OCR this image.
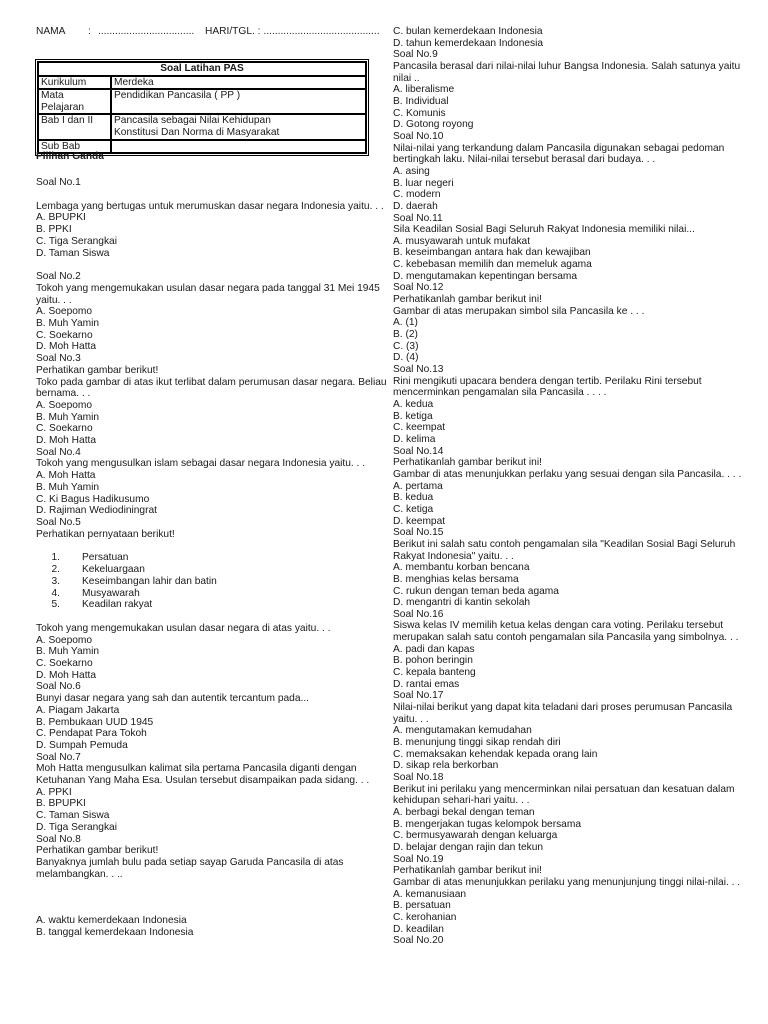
NAMA : .................................. HARI/TGL. : .........................................
Soal Latihan PAS	
Kurikulum	Merdeka

Mata Pelajaran	Pendidikan Pancasila ( PP )

Bab I dan II	Pancasila sebagai Nilai Kehidupan
Konstitusi Dan Norma di Masyarakat

Sub Bab	

Pilihan Ganda
Soal No.1
Lembaga yang bertugas untuk merumuskan dasar negara Indonesia yaitu. . .
A. BPUPKI
B. PPKI
C. Tiga Serangkai
D. Taman Siswa
Soal No.2
Tokoh yang mengemukakan usulan dasar negara pada tanggal 31 Mei 1945
yaitu. . .
A. Soepomo
B. Muh Yamin
C. Soekarno
D. Moh Hatta
Soal No.3
Perhatikan gambar berikut!
Toko pada gambar di atas ikut terlibat dalam perumusan dasar negara. Beliau
bernama. . .
A. Soepomo
B. Muh Yamin
C. Soekarno
D. Moh Hatta
Soal No.4
Tokoh yang mengusulkan islam sebagai dasar negara Indonesia yaitu. . .
A. Moh Hatta
B. Muh Yamin
C. Ki Bagus Hadikusumo
D. Rajiman Wediodiningrat
Soal No.5
Perhatikan pernyataan berikut!
1. Persatuan
2. Kekeluargaan
3. Keseimbangan lahir dan batin
4. Musyawarah
5. Keadilan rakyat
Tokoh yang mengemukakan usulan dasar negara di atas yaitu. . .
A. Soepomo
B. Muh Yamin
C. Soekarno
D. Moh Hatta
Soal No.6
Bunyi dasar negara yang sah dan autentik tercantum pada...
A. Piagam Jakarta
B. Pembukaan UUD 1945
C. Pendapat Para Tokoh
D. Sumpah Pemuda
Soal No.7
Moh Hatta mengusulkan kalimat sila pertama Pancasila diganti dengan
Ketuhanan Yang Maha Esa. Usulan tersebut disampaikan pada sidang. . .
A. PPKI
B. BPUPKI
C. Taman Siswa
D. Tiga Serangkai
Soal No.8
Perhatikan gambar berikut!
Banyaknya jumlah bulu pada setiap sayap Garuda Pancasila di atas
melambangkan. . ..
A. waktu kemerdekaan Indonesia
B. tanggal kemerdekaan Indonesia
C. bulan kemerdekaan Indonesia
D. tahun kemerdekaan Indonesia
Soal No.9
Pancasila berasal dari nilai-nilai luhur Bangsa Indonesia. Salah satunya yaitu
nilai ..
A. liberalisme
B. Individual
C. Komunis
D. Gotong royong
Soal No.10
Nilai-nilai yang terkandung dalam Pancasila digunakan sebagai pedoman
bertingkah laku. Nilai-nilai tersebut berasal dari budaya. . .
A. asing
B. luar negeri
C. modern
D. daerah
Soal No.11
Sila Keadilan Sosial Bagi Seluruh Rakyat Indonesia memiliki nilai...
A. musyawarah untuk mufakat
B. keseimbangan antara hak dan kewajiban
C. kebebasan memilih dan memeluk agama
D. mengutamakan kepentingan bersama
Soal No.12
Perhatikanlah gambar berikut ini!
Gambar di atas merupakan simbol sila Pancasila ke . . .
A. (1)
B. (2)
C. (3)
D. (4)
Soal No.13
Rini mengikuti upacara bendera dengan tertib. Perilaku Rini tersebut
mencerminkan pengamalan sila Pancasila . . . .
A. kedua
B. ketiga
C. keempat
D. kelima
Soal No.14
Perhatikanlah gambar berikut ini!
Gambar di atas menunjukkan perlaku yang sesuai dengan sila Pancasila. . . .
A. pertama
B. kedua
C. ketiga
D. keempat
Soal No.15
Berikut ini salah satu contoh pengamalan sila "Keadilan Sosial Bagi Seluruh
Rakyat Indonesia" yaitu. . .
A. membantu korban bencana
B. menghias kelas bersama
C. rukun dengan teman beda agama
D. mengantri di kantin sekolah
Soal No.16
Siswa kelas IV memilih ketua kelas dengan cara voting. Perilaku tersebut
merupakan salah satu contoh pengamalan sila Pancasila yang simbolnya. . .
A. padi dan kapas
B. pohon beringin
C. kepala banteng
D. rantai emas
Soal No.17
Nilai-nilai berikut yang dapat kita teladani dari proses perumusan Pancasila
yaitu. . .
A. mengutamakan kemudahan
B. menunjung tinggi sikap rendah diri
C. memaksakan kehendak kepada orang lain
D. sikap rela berkorban
Soal No.18
Berikut ini perilaku yang mencerminkan nilai persatuan dan kesatuan dalam
kehidupan sehari-hari yaitu. . .
A. berbagi bekal dengan teman
B. mengerjakan tugas kelompok bersama
C. bermusyawarah dengan keluarga
D. belajar dengan rajin dan tekun
Soal No.19
Perhatikanlah gambar berikut ini!
Gambar di atas menunjukkan perilaku yang menunjunjung tinggi nilai-nilai. . .
A. kemanusiaan
B. persatuan
C. kerohanian
D. keadilan
Soal No.20
